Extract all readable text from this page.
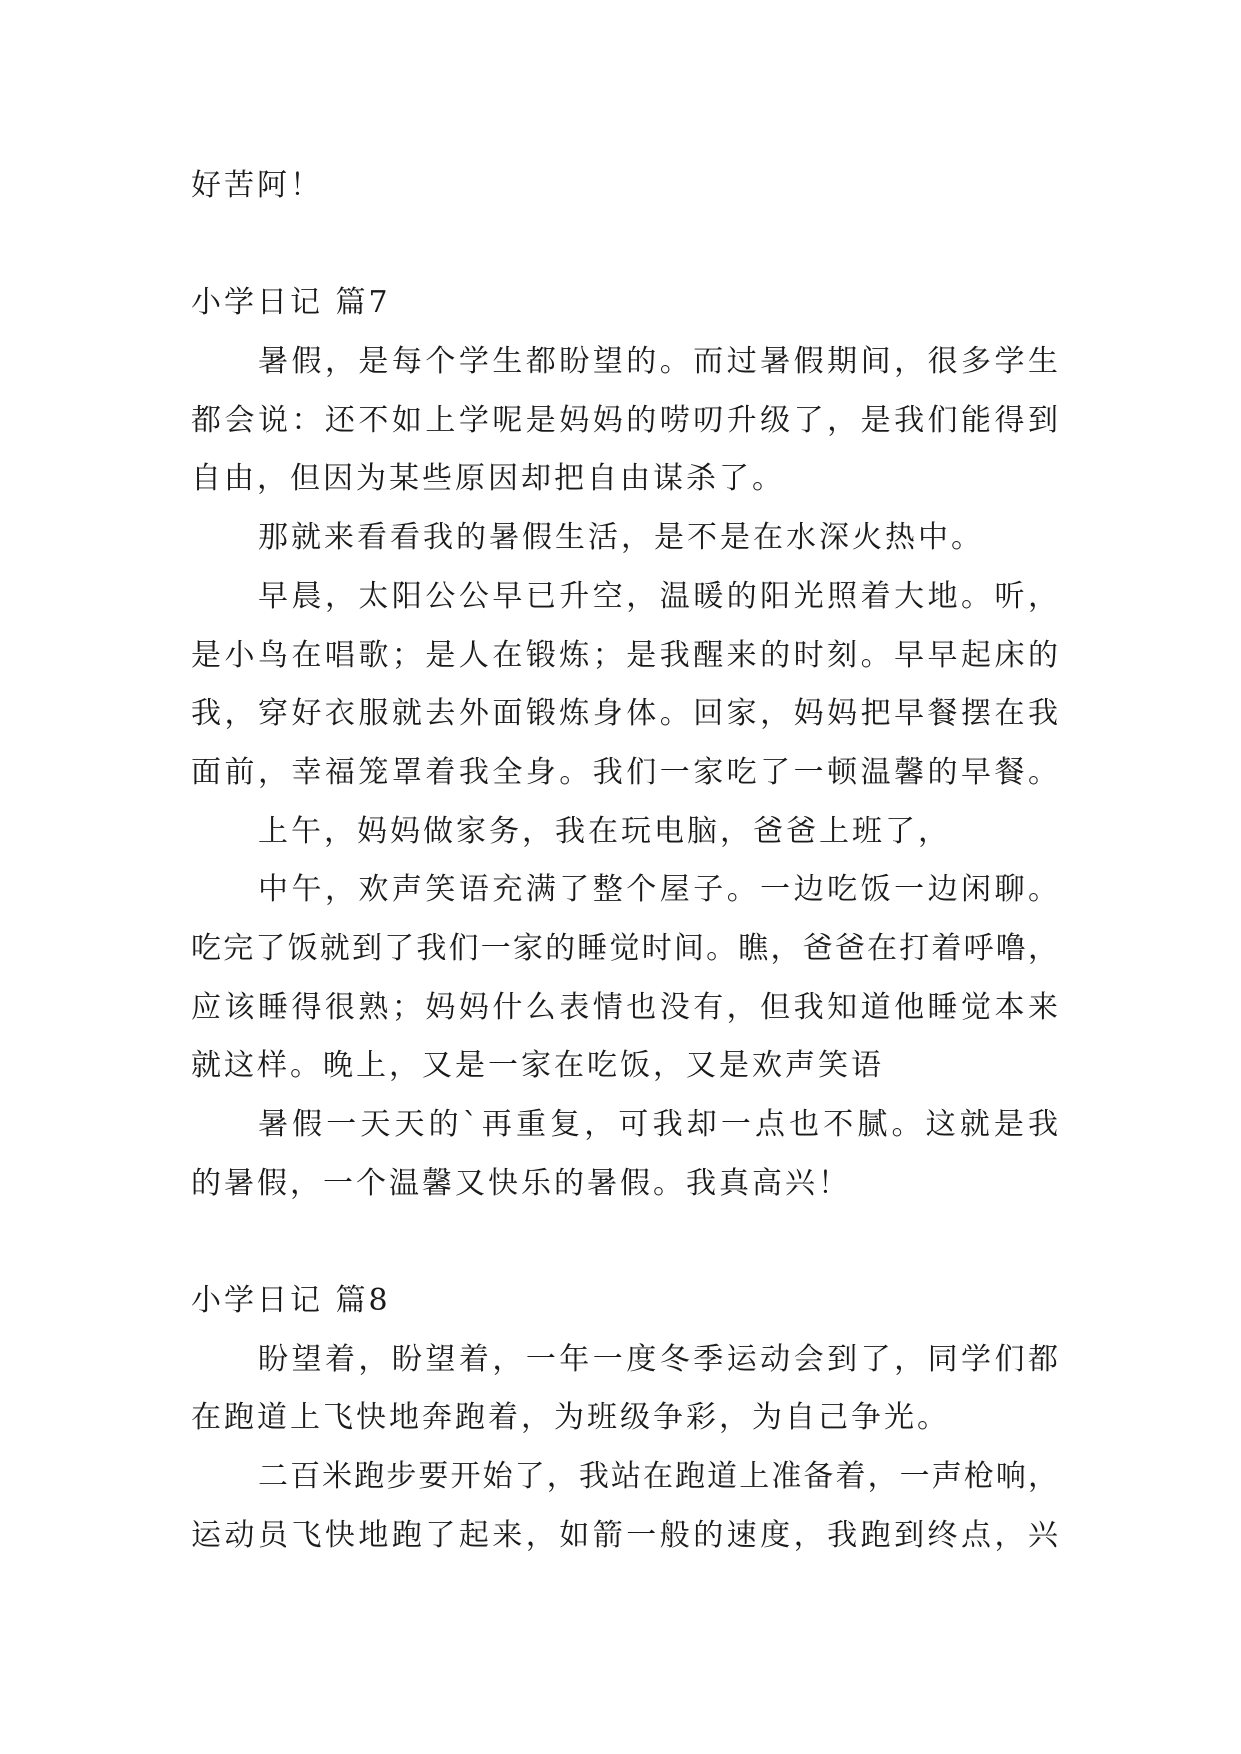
好苦阿！
小学日记 篇7
暑假，是每个学生都盼望的。而过暑假期间，很多学生
都会说：还不如上学呢是妈妈的唠叨升级了，是我们能得到
自由，但因为某些原因却把自由谋杀了。
那就来看看我的暑假生活，是不是在水深火热中。
早晨，太阳公公早已升空，温暖的阳光照着大地。听，
是小鸟在唱歌；是人在锻炼；是我醒来的时刻。早早起床的
我，穿好衣服就去外面锻炼身体。回家，妈妈把早餐摆在我
面前，幸福笼罩着我全身。我们一家吃了一顿温馨的早餐。
上午，妈妈做家务，我在玩电脑，爸爸上班了，
中午，欢声笑语充满了整个屋子。一边吃饭一边闲聊。
吃完了饭就到了我们一家的睡觉时间。瞧，爸爸在打着呼噜，
应该睡得很熟；妈妈什么表情也没有，但我知道他睡觉本来
就这样。晚上，又是一家在吃饭，又是欢声笑语
暑假一天天的`再重复，可我却一点也不腻。这就是我
的暑假，一个温馨又快乐的暑假。我真高兴！
小学日记 篇8
盼望着，盼望着，一年一度冬季运动会到了，同学们都
在跑道上飞快地奔跑着，为班级争彩，为自己争光。
二百米跑步要开始了，我站在跑道上准备着，一声枪响，
运动员飞快地跑了起来，如箭一般的速度，我跑到终点，兴
